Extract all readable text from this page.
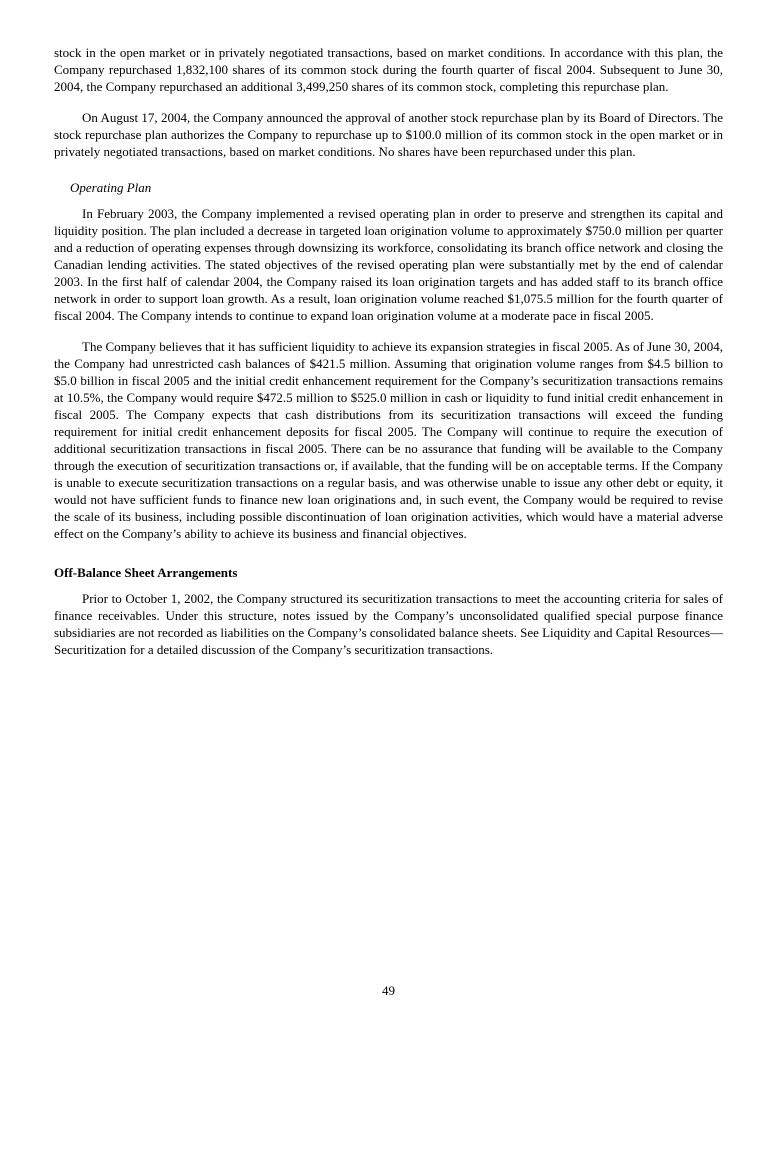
stock in the open market or in privately negotiated transactions, based on market conditions. In accordance with this plan, the Company repurchased 1,832,100 shares of its common stock during the fourth quarter of fiscal 2004. Subsequent to June 30, 2004, the Company repurchased an additional 3,499,250 shares of its common stock, completing this repurchase plan.

On August 17, 2004, the Company announced the approval of another stock repurchase plan by its Board of Directors. The stock repurchase plan authorizes the Company to repurchase up to $100.0 million of its common stock in the open market or in privately negotiated transactions, based on market conditions. No shares have been repurchased under this plan.

Operating Plan

In February 2003, the Company implemented a revised operating plan in order to preserve and strengthen its capital and liquidity position. The plan included a decrease in targeted loan origination volume to approximately $750.0 million per quarter and a reduction of operating expenses through downsizing its workforce, consolidating its branch office network and closing the Canadian lending activities. The stated objectives of the revised operating plan were substantially met by the end of calendar 2003. In the first half of calendar 2004, the Company raised its loan origination targets and has added staff to its branch office network in order to support loan growth. As a result, loan origination volume reached $1,075.5 million for the fourth quarter of fiscal 2004. The Company intends to continue to expand loan origination volume at a moderate pace in fiscal 2005.

The Company believes that it has sufficient liquidity to achieve its expansion strategies in fiscal 2005. As of June 30, 2004, the Company had unrestricted cash balances of $421.5 million. Assuming that origination volume ranges from $4.5 billion to $5.0 billion in fiscal 2005 and the initial credit enhancement requirement for the Company’s securitization transactions remains at 10.5%, the Company would require $472.5 million to $525.0 million in cash or liquidity to fund initial credit enhancement in fiscal 2005. The Company expects that cash distributions from its securitization transactions will exceed the funding requirement for initial credit enhancement deposits for fiscal 2005. The Company will continue to require the execution of additional securitization transactions in fiscal 2005. There can be no assurance that funding will be available to the Company through the execution of securitization transactions or, if available, that the funding will be on acceptable terms. If the Company is unable to execute securitization transactions on a regular basis, and was otherwise unable to issue any other debt or equity, it would not have sufficient funds to finance new loan originations and, in such event, the Company would be required to revise the scale of its business, including possible discontinuation of loan origination activities, which would have a material adverse effect on the Company’s ability to achieve its business and financial objectives.

Off-Balance Sheet Arrangements

Prior to October 1, 2002, the Company structured its securitization transactions to meet the accounting criteria for sales of finance receivables. Under this structure, notes issued by the Company’s unconsolidated qualified special purpose finance subsidiaries are not recorded as liabilities on the Company’s consolidated balance sheets. See Liquidity and Capital Resources—Securitization for a detailed discussion of the Company’s securitization transactions.

49
